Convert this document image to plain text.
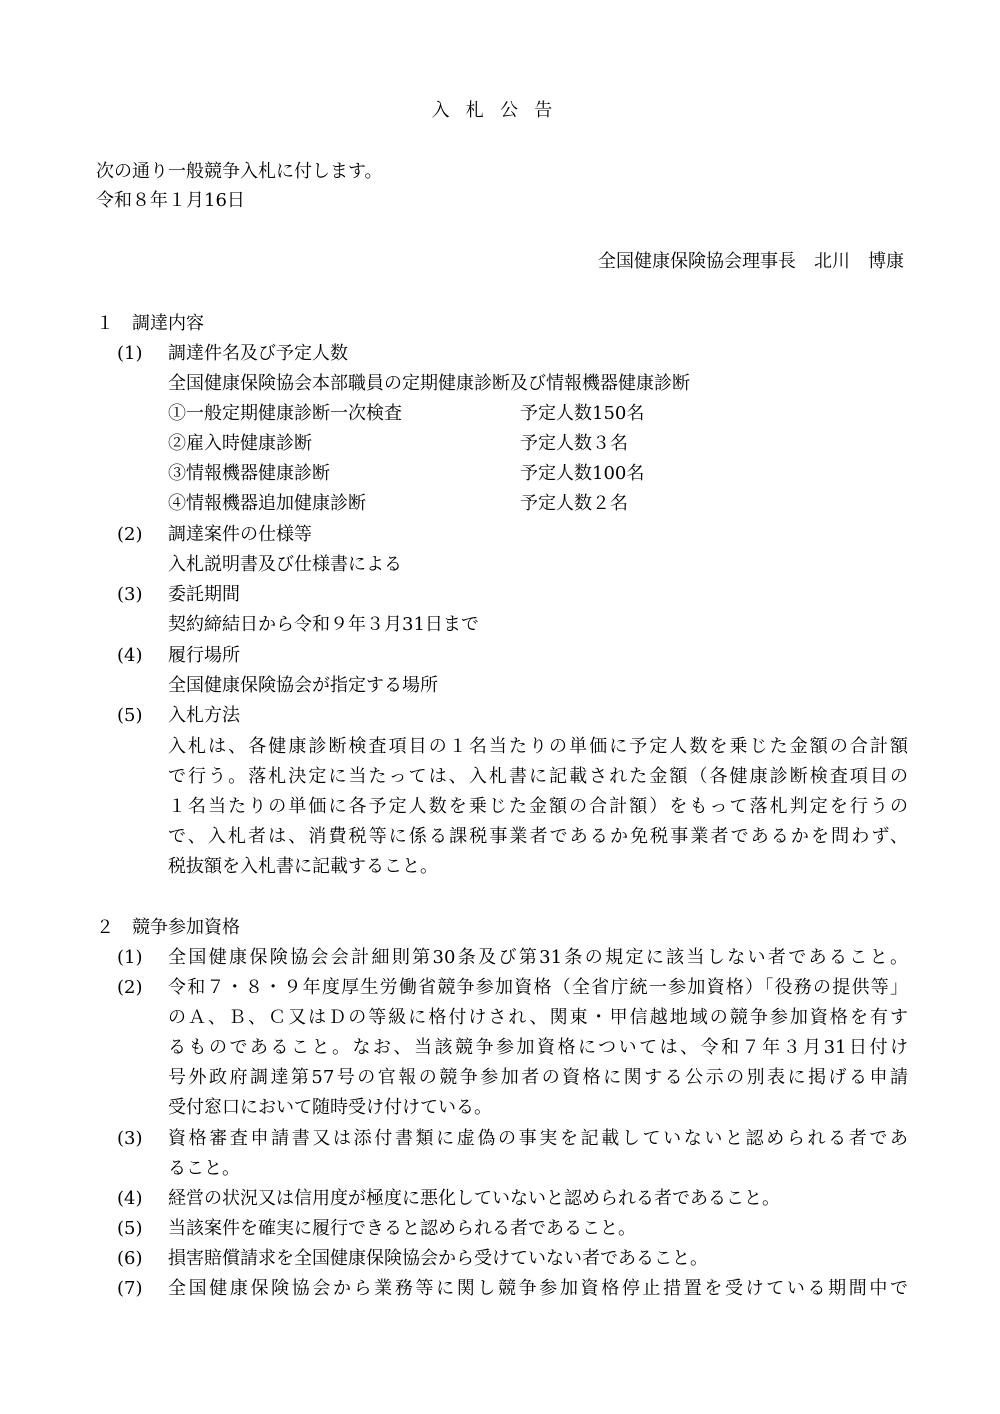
入札公告
次の通り一般競争入札に付します。
令和８年１月16日
全国健康保険協会理事長　北川　博康
１　調達内容
(1) 調達件名及び予定人数
全国健康保険協会本部職員の定期健康診断及び情報機器健康診断
①一般定期健康診断一次検査	予定人数150名
②雇入時健康診断	予定人数３名
③情報機器健康診断	予定人数100名
④情報機器追加健康診断	予定人数２名
(2) 調達案件の仕様等
入札説明書及び仕様書による
(3) 委託期間
契約締結日から令和９年３月31日まで
(4) 履行場所
全国健康保険協会が指定する場所
(5) 入札方法
入札は、各健康診断検査項目の１名当たりの単価に予定人数を乗じた金額の合計額
で行う。落札決定に当たっては、入札書に記載された金額（各健康診断検査項目の
１名当たりの単価に各予定人数を乗じた金額の合計額）をもって落札判定を行うの
で、入札者は、消費税等に係る課税事業者であるか免税事業者であるかを問わず、
税抜額を入札書に記載すること。
２　競争参加資格
(1) 全国健康保険協会会計細則第30条及び第31条の規定に該当しない者であること。
(2) 令和７・８・９年度厚生労働省競争参加資格（全省庁統一参加資格）「役務の提供等」
のＡ、Ｂ、Ｃ又はＤの等級に格付けされ、関東・甲信越地域の競争参加資格を有す
るものであること。なお、当該競争参加資格については、令和７年３月31日付け
号外政府調達第57号の官報の競争参加者の資格に関する公示の別表に掲げる申請
受付窓口において随時受け付けている。
(3) 資格審査申請書又は添付書類に虚偽の事実を記載していないと認められる者であ
ること。
(4) 経営の状況又は信用度が極度に悪化していないと認められる者であること。
(5) 当該案件を確実に履行できると認められる者であること。
(6) 損害賠償請求を全国健康保険協会から受けていない者であること。
(7) 全国健康保険協会から業務等に関し競争参加資格停止措置を受けている期間中で
